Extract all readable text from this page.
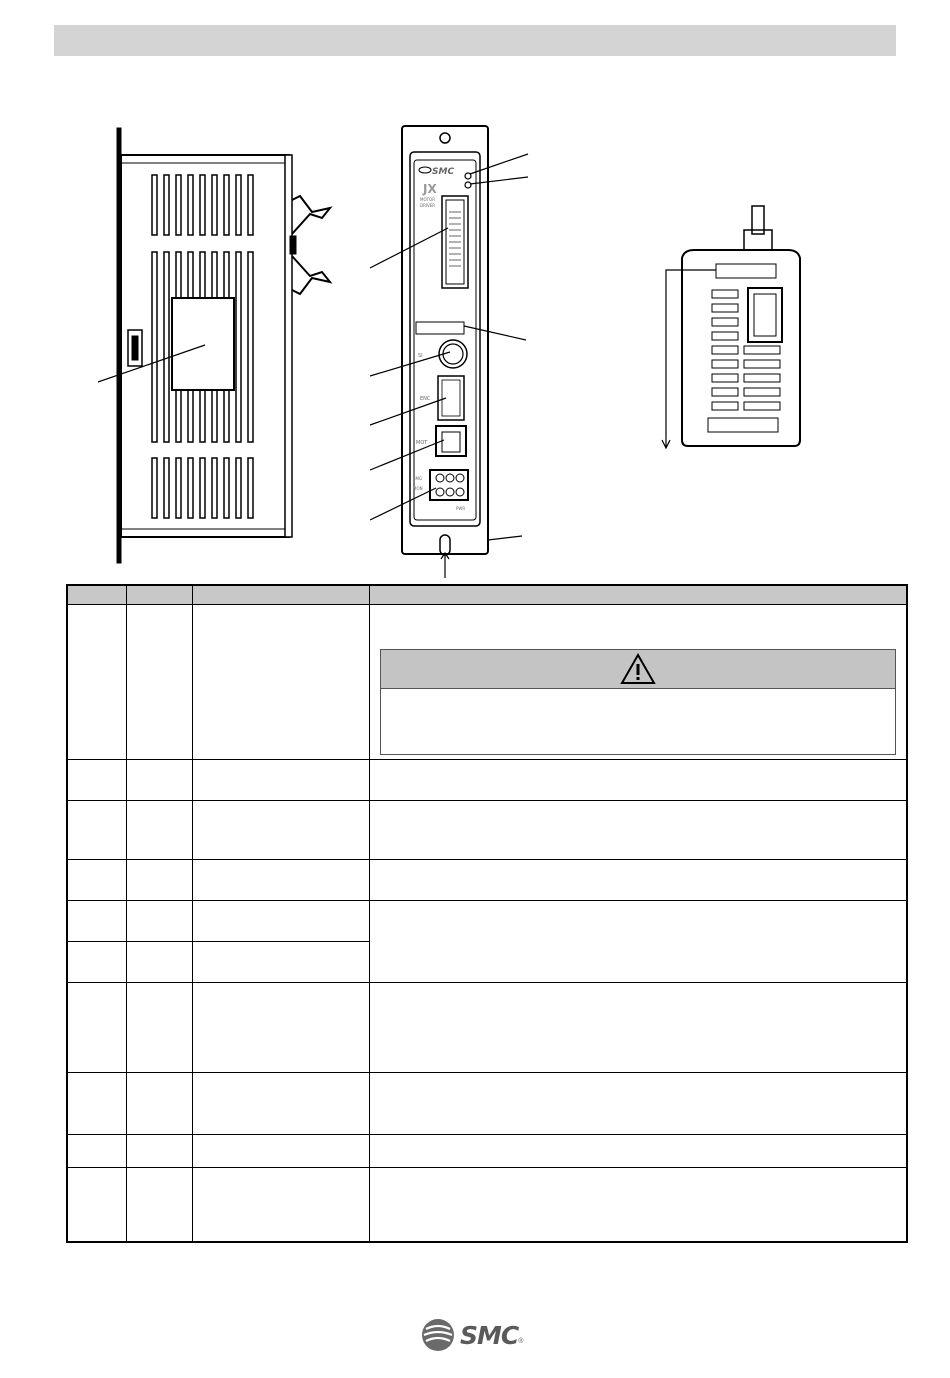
SMC
JX
MOTOR
DRIVER
SI
ENC
MOT
EMG
MON
PWR

SMC ®
